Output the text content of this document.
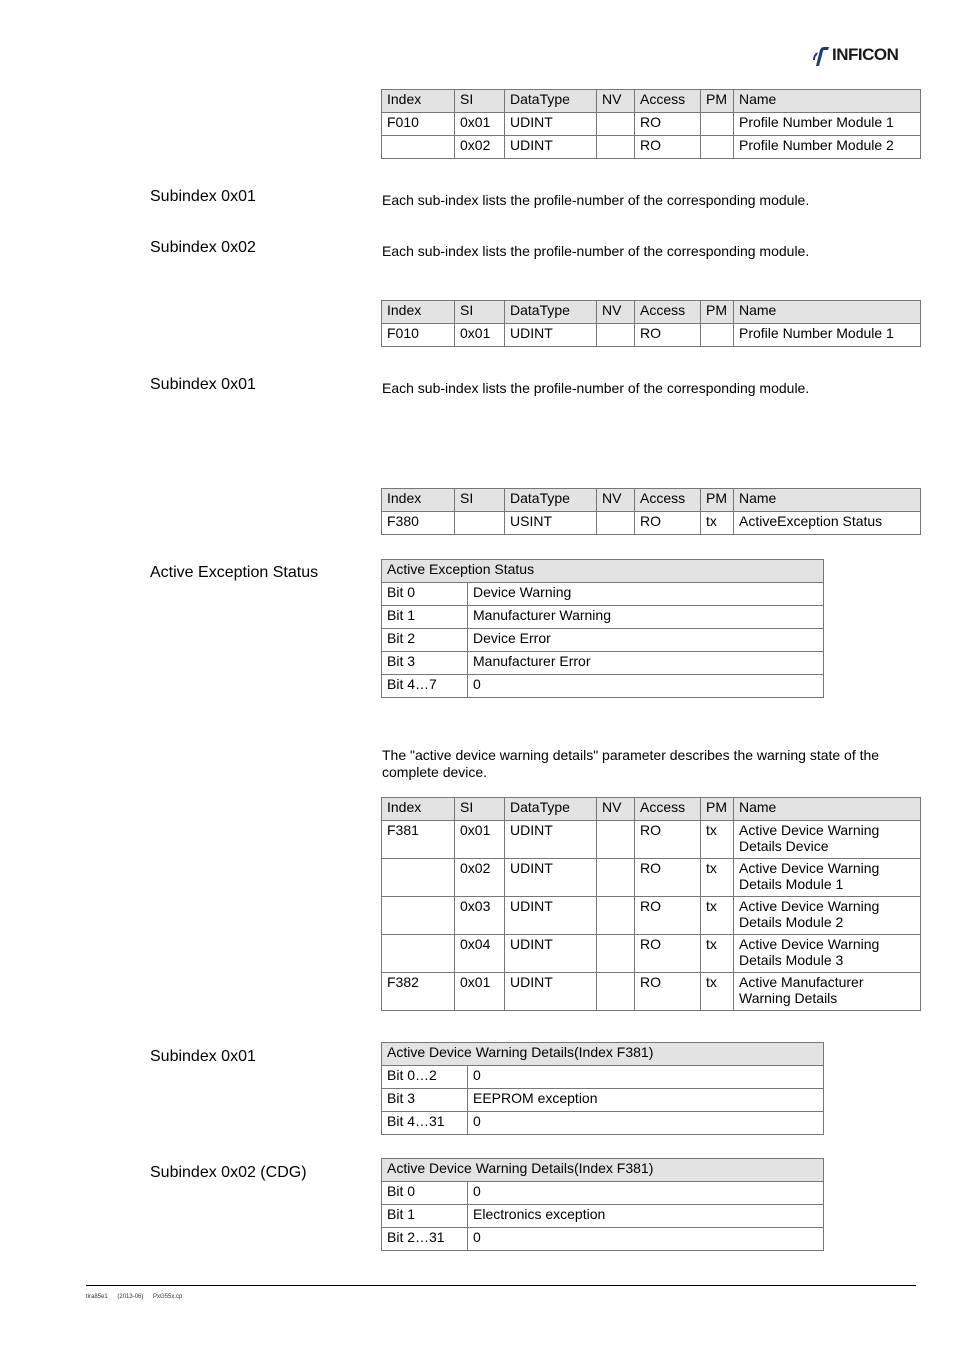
INFICON
Index	SI	DataType	NV	Access	PM	Name
F010	0x01	UDINT		RO		Profile Number Module 1
	0x02	UDINT		RO		Profile Number Module 2
Subindex 0x01	Each sub-index lists the profile-number of the corresponding module.
Subindex 0x02	Each sub-index lists the profile-number of the corresponding module.
Index	SI	DataType	NV	Access	PM	Name
F010	0x01	UDINT		RO		Profile Number Module 1
Subindex 0x01	Each sub-index lists the profile-number of the corresponding module.
Index	SI	DataType	NV	Access	PM	Name
F380		USINT		RO	tx	ActiveException Status
Active Exception Status	Active Exception Status	
Bit 0	Device Warning
Bit 1	Manufacturer Warning
Bit 2	Device Error
Bit 3	Manufacturer Error
Bit 4…7	0
The "active device warning details" parameter describes the warning state of the complete device.
Index	SI	DataType	NV	Access	PM	Name
F381	0x01	UDINT		RO	tx	Active Device Warning Details Device
	0x02	UDINT		RO	tx	Active Device Warning Details Module 1
	0x03	UDINT		RO	tx	Active Device Warning Details Module 2
	0x04	UDINT		RO	tx	Active Device Warning Details Module 3
F382	0x01	UDINT		RO	tx	Active Manufacturer Warning Details
Subindex 0x01	Active Device Warning Details(Index F381)	
Bit 0…2	0
Bit 3	EEPROM exception
Bit 4…31	0
Subindex 0x02 (CDG)	Active Device Warning Details(Index F381)	
Bit 0	0
Bit 1	Electronics exception
Bit 2…31	0
tira85e1 (2013-06) PxG55x.cp
